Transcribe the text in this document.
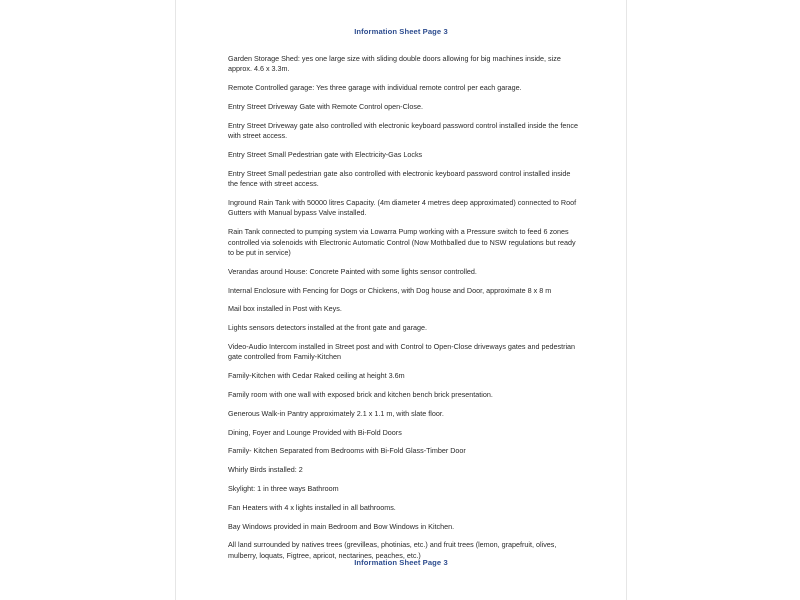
Information Sheet Page 3

Garden Storage Shed: yes one large size with sliding double doors allowing for big machines inside, size approx. 4.6 x 3.3m.

Remote Controlled garage: Yes three garage with individual remote control per each garage.

Entry Street Driveway Gate with Remote Control open-Close.

Entry Street Driveway gate also controlled with electronic keyboard password control installed inside the fence with street access.

Entry Street Small Pedestrian gate with Electricity-Gas Locks

Entry Street Small pedestrian gate also controlled with electronic keyboard password control installed inside the fence with street access.

Inground Rain Tank with 50000 litres Capacity. (4m diameter 4 metres deep approximated) connected to Roof Gutters with Manual bypass Valve installed.

Rain Tank connected to pumping system via Lowarra Pump working with a Pressure switch to feed 6 zones controlled via solenoids with Electronic Automatic Control (Now Mothballed due to NSW regulations but ready to be put in service)

Verandas around House: Concrete Painted with some lights sensor controlled.

Internal Enclosure with Fencing for Dogs or Chickens, with Dog house and Door, approximate 8 x 8 m

Mail box installed in Post with Keys.

Lights sensors detectors installed at the front gate and garage.

Video-Audio Intercom installed in Street post and with Control to Open-Close driveways gates and pedestrian gate controlled from Family-Kitchen

Family-Kitchen with Cedar Raked ceiling at height 3.6m

Family room with one wall with exposed brick and kitchen bench brick presentation.

Generous Walk-in Pantry approximately 2.1 x 1.1 m, with slate floor.

Dining, Foyer and Lounge Provided with Bi-Fold Doors

Family- Kitchen Separated from Bedrooms with Bi-Fold Glass-Timber Door

Whirly Birds installed: 2

Skylight: 1 in three ways Bathroom

Fan Heaters with 4 x lights installed in all bathrooms.

Bay Windows provided in main Bedroom and Bow Windows in Kitchen.

All land surrounded by natives trees (grevilleas, photinias, etc.) and fruit trees (lemon, grapefruit, olives, mulberry, loquats, Figtree, apricot, nectarines, peaches, etc.)

Information Sheet Page 3
